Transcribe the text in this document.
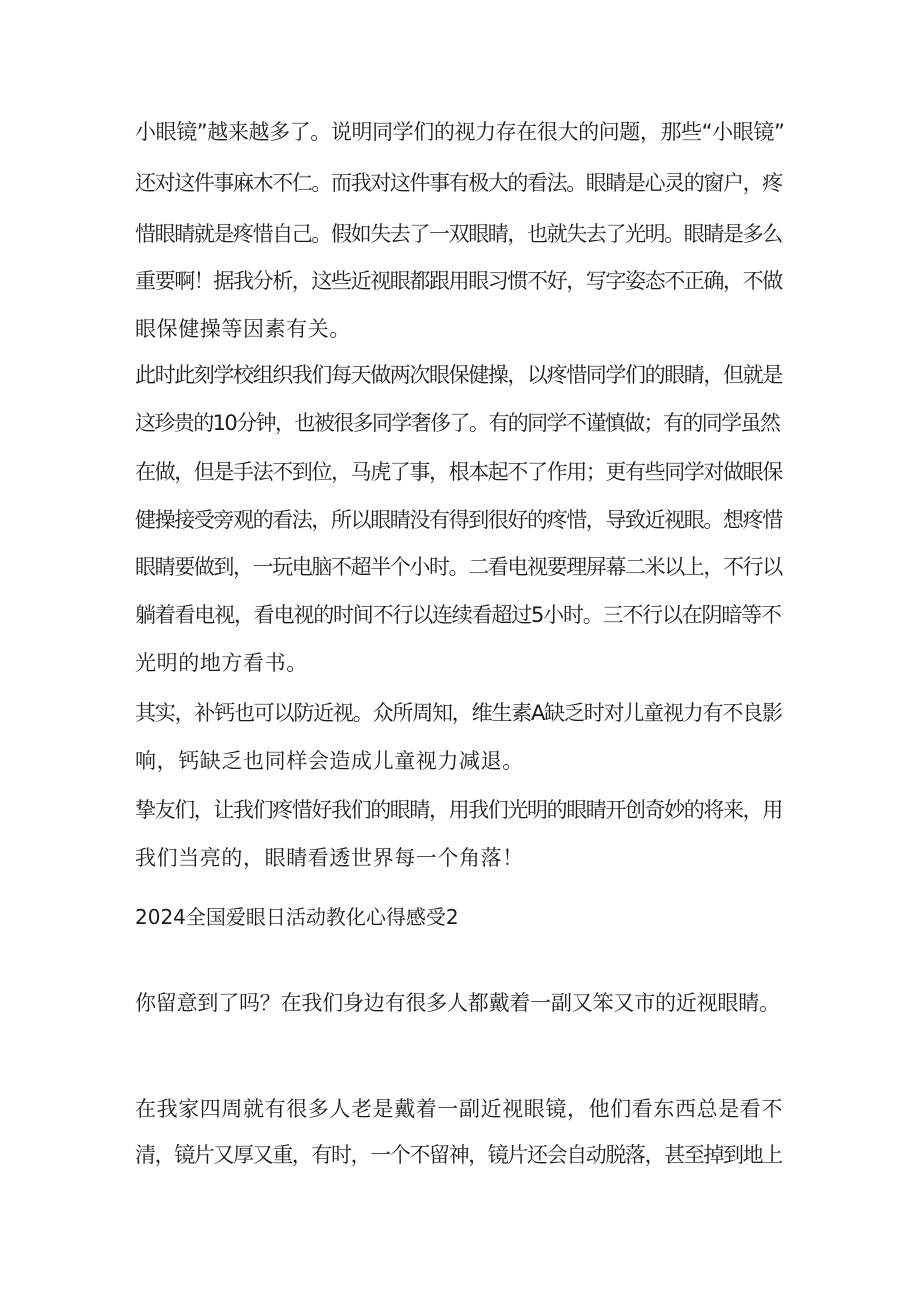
小眼镜”越来越多了。说明同学们的视力存在很大的问题，那些“小眼镜”
还对这件事麻木不仁。而我对这件事有极大的看法。眼睛是心灵的窗户，疼
惜眼睛就是疼惜自己。假如失去了一双眼睛，也就失去了光明。眼睛是多么
重要啊！据我分析，这些近视眼都跟用眼习惯不好，写字姿态不正确，不做
眼保健操等因素有关。
此时此刻学校组织我们每天做两次眼保健操，以疼惜同学们的眼睛，但就是
这珍贵的10分钟，也被很多同学奢侈了。有的同学不谨慎做；有的同学虽然
在做，但是手法不到位，马虎了事，根本起不了作用；更有些同学对做眼保
健操接受旁观的看法，所以眼睛没有得到很好的疼惜，导致近视眼。想疼惜
眼睛要做到，一玩电脑不超半个小时。二看电视要理屏幕二米以上，不行以
躺着看电视，看电视的时间不行以连续看超过5小时。三不行以在阴暗等不
光明的地方看书。
其实，补钙也可以防近视。众所周知，维生素A缺乏时对儿童视力有不良影
响，钙缺乏也同样会造成儿童视力减退。
挚友们，让我们疼惜好我们的眼睛，用我们光明的眼睛开创奇妙的将来，用
我们当亮的，眼睛看透世界每一个角落！
2024全国爱眼日活动教化心得感受2
你留意到了吗？在我们身边有很多人都戴着一副又笨又市的近视眼睛。
在我家四周就有很多人老是戴着一副近视眼镜，他们看东西总是看不
清，镜片又厚又重，有时，一个不留神，镜片还会自动脱落，甚至掉到地上
